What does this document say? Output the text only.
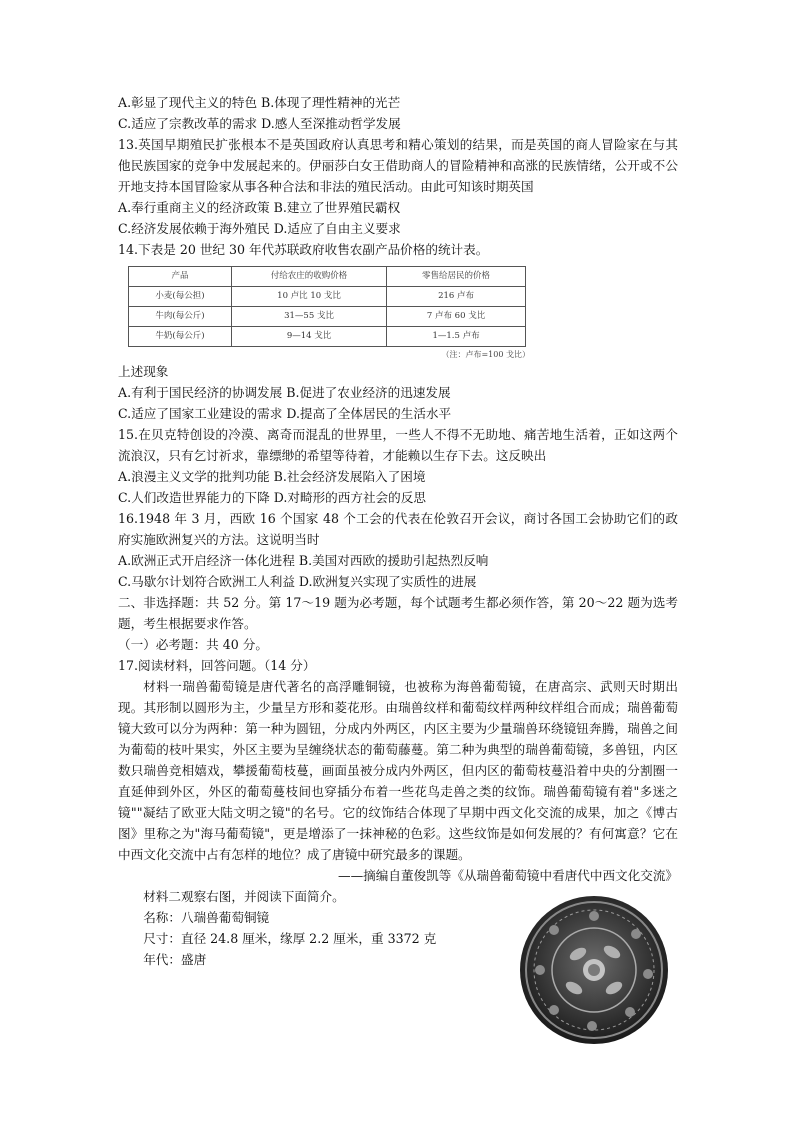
A.彰显了现代主义的特色 B.体现了理性精神的光芒
C.适应了宗教改革的需求 D.感人至深推动哲学发展
13.英国早期殖民扩张根本不是英国政府认真思考和精心策划的结果，而是英国的商人冒险家在与其他民族国家的竞争中发展起来的。伊丽莎白女王借助商人的冒险精神和高涨的民族情绪，公开或不公开地支持本国冒险家从事各种合法和非法的殖民活动。由此可知该时期英国
A.奉行重商主义的经济政策 B.建立了世界殖民霸权
C.经济发展依赖于海外殖民 D.适应了自由主义要求
14.下表是 20 世纪 30 年代苏联政府收售农副产品价格的统计表。
产品	付给农庄的收购价格	零售给居民的价格
小麦(每公担)	10 卢比 10 戈比	216 卢布
牛肉(每公斤)	31—55 戈比	7 卢布 60 戈比
牛奶(每公斤)	9—14 戈比	1—1.5 卢布
（注：卢布=100 戈比）
上述现象
A.有利于国民经济的协调发展 B.促进了农业经济的迅速发展
C.适应了国家工业建设的需求 D.提高了全体居民的生活水平
15.在贝克特创设的冷漠、离奇而混乱的世界里，一些人不得不无助地、痛苦地生活着，正如这两个流浪汉，只有乞讨祈求，靠缥缈的希望等待着，才能赖以生存下去。这反映出
A.浪漫主义文学的批判功能 B.社会经济发展陷入了困境
C.人们改造世界能力的下降 D.对畸形的西方社会的反思
16.1948 年 3 月，西欧 16 个国家 48 个工会的代表在伦敦召开会议，商讨各国工会协助它们的政府实施欧洲复兴的方法。这说明当时
A.欧洲正式开启经济一体化进程 B.美国对西欧的援助引起热烈反响
C.马歇尔计划符合欧洲工人利益 D.欧洲复兴实现了实质性的进展
二、非选择题：共 52 分。第 17～19 题为必考题，每个试题考生都必须作答，第 20～22 题为选考题，考生根据要求作答。
（一）必考题：共 40 分。
17.阅读材料，回答问题。（14 分）
材料一瑞兽葡萄镜是唐代著名的高浮雕铜镜，也被称为海兽葡萄镜，在唐高宗、武则天时期出现。其形制以圆形为主，少量呈方形和菱花形。由瑞兽纹样和葡萄纹样两种纹样组合而成；瑞兽葡萄镜大致可以分为两种：第一种为圆钮，分成内外两区，内区主要为少量瑞兽环绕镜钮奔腾，瑞兽之间为葡萄的枝叶果实，外区主要为呈缠绕状态的葡萄藤蔓。第二种为典型的瑞兽葡萄镜，多兽钮，内区数只瑞兽竞相嬉戏，攀援葡萄枝蔓，画面虽被分成内外两区，但内区的葡萄枝蔓沿着中央的分割圈一直延伸到外区，外区的葡萄蔓枝间也穿插分布着一些花鸟走兽之类的纹饰。瑞兽葡萄镜有着"多迷之镜""凝结了欧亚大陆文明之镜"的名号。它的纹饰结合体现了早期中西文化交流的成果，加之《博古图》里称之为"海马葡萄镜"，更是增添了一抹神秘的色彩。这些纹饰是如何发展的？有何寓意？它在中西文化交流中占有怎样的地位？成了唐镜中研究最多的课题。
——摘编自董俊凯等《从瑞兽葡萄镜中看唐代中西文化交流》
材料二观察右图，并阅读下面简介。
名称：八瑞兽葡萄铜镜
尺寸：直径 24.8 厘米，缘厚 2.2 厘米，重 3372 克
年代：盛唐
